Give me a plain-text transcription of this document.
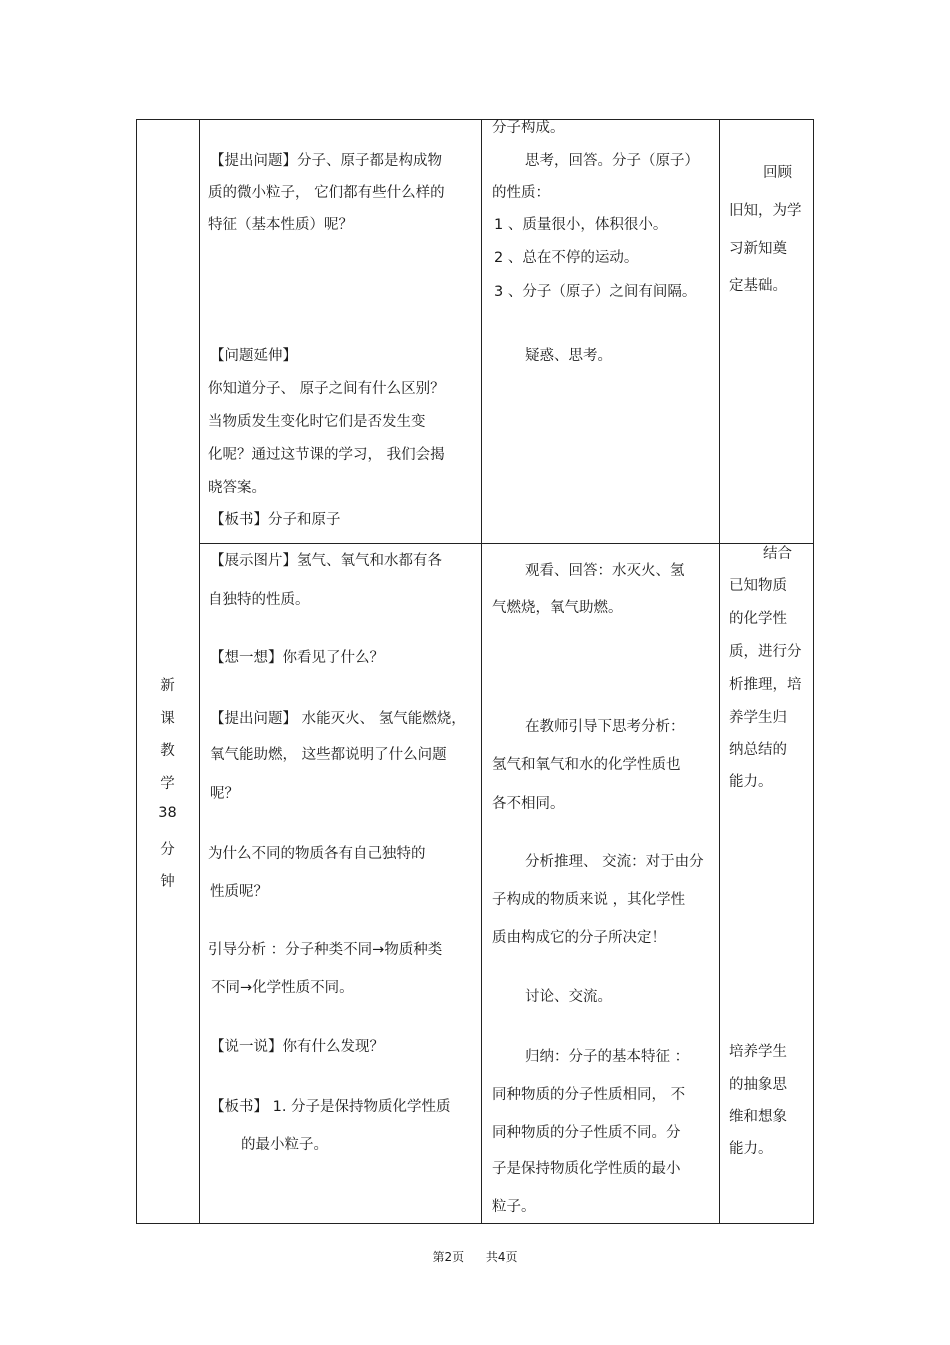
新
课
教
学
38
分
钟
【提出问题】分子、原子都是构成物
质的微小粒子， 它们都有些什么样的
特征（基本性质）呢？
【问题延伸】
你知道分子、 原子之间有什么区别？
当物质发生变化时它们是否发生变
化呢？通过这节课的学习， 我们会揭
晓答案。
【板书】分子和原子
分子构成。
思考，回答。分子（原子）
的性质：
1 、质量很小，体积很小。
2 、总在不停的运动。
3 、分子（原子）之间有间隔。
疑惑、思考。
回顾
旧知，为学
习新知奠
定基础。
【展示图片】氢气、氧气和水都有各
自独特的性质。
【想一想】你看见了什么？
【提出问题】 水能灭火、 氢气能燃烧，
氧气能助燃， 这些都说明了什么问题
呢？
为什么不同的物质各有自己独特的
性质呢？
引导分析 ：分子种类不同→物质种类
不同→化学性质不同。
【说一说】你有什么发现？
【板书】 1. 分子是保持物质化学性质
的最小粒子。
观看、回答：水灭火、氢
气燃烧，氧气助燃。
在教师引导下思考分析：
氢气和氧气和水的化学性质也
各不相同。
分析推理、 交流：对于由分
子构成的物质来说 ，其化学性
质由构成它的分子所决定！
讨论、交流。
归纳：分子的基本特征 ：
同种物质的分子性质相同， 不
同种物质的分子性质不同。分
子是保持物质化学性质的最小
粒子。
结合
已知物质
的化学性
质，进行分
析推理，培
养学生归
纳总结的
能力。
培养学生
的抽象思
维和想象
能力。
第2页 共4页
